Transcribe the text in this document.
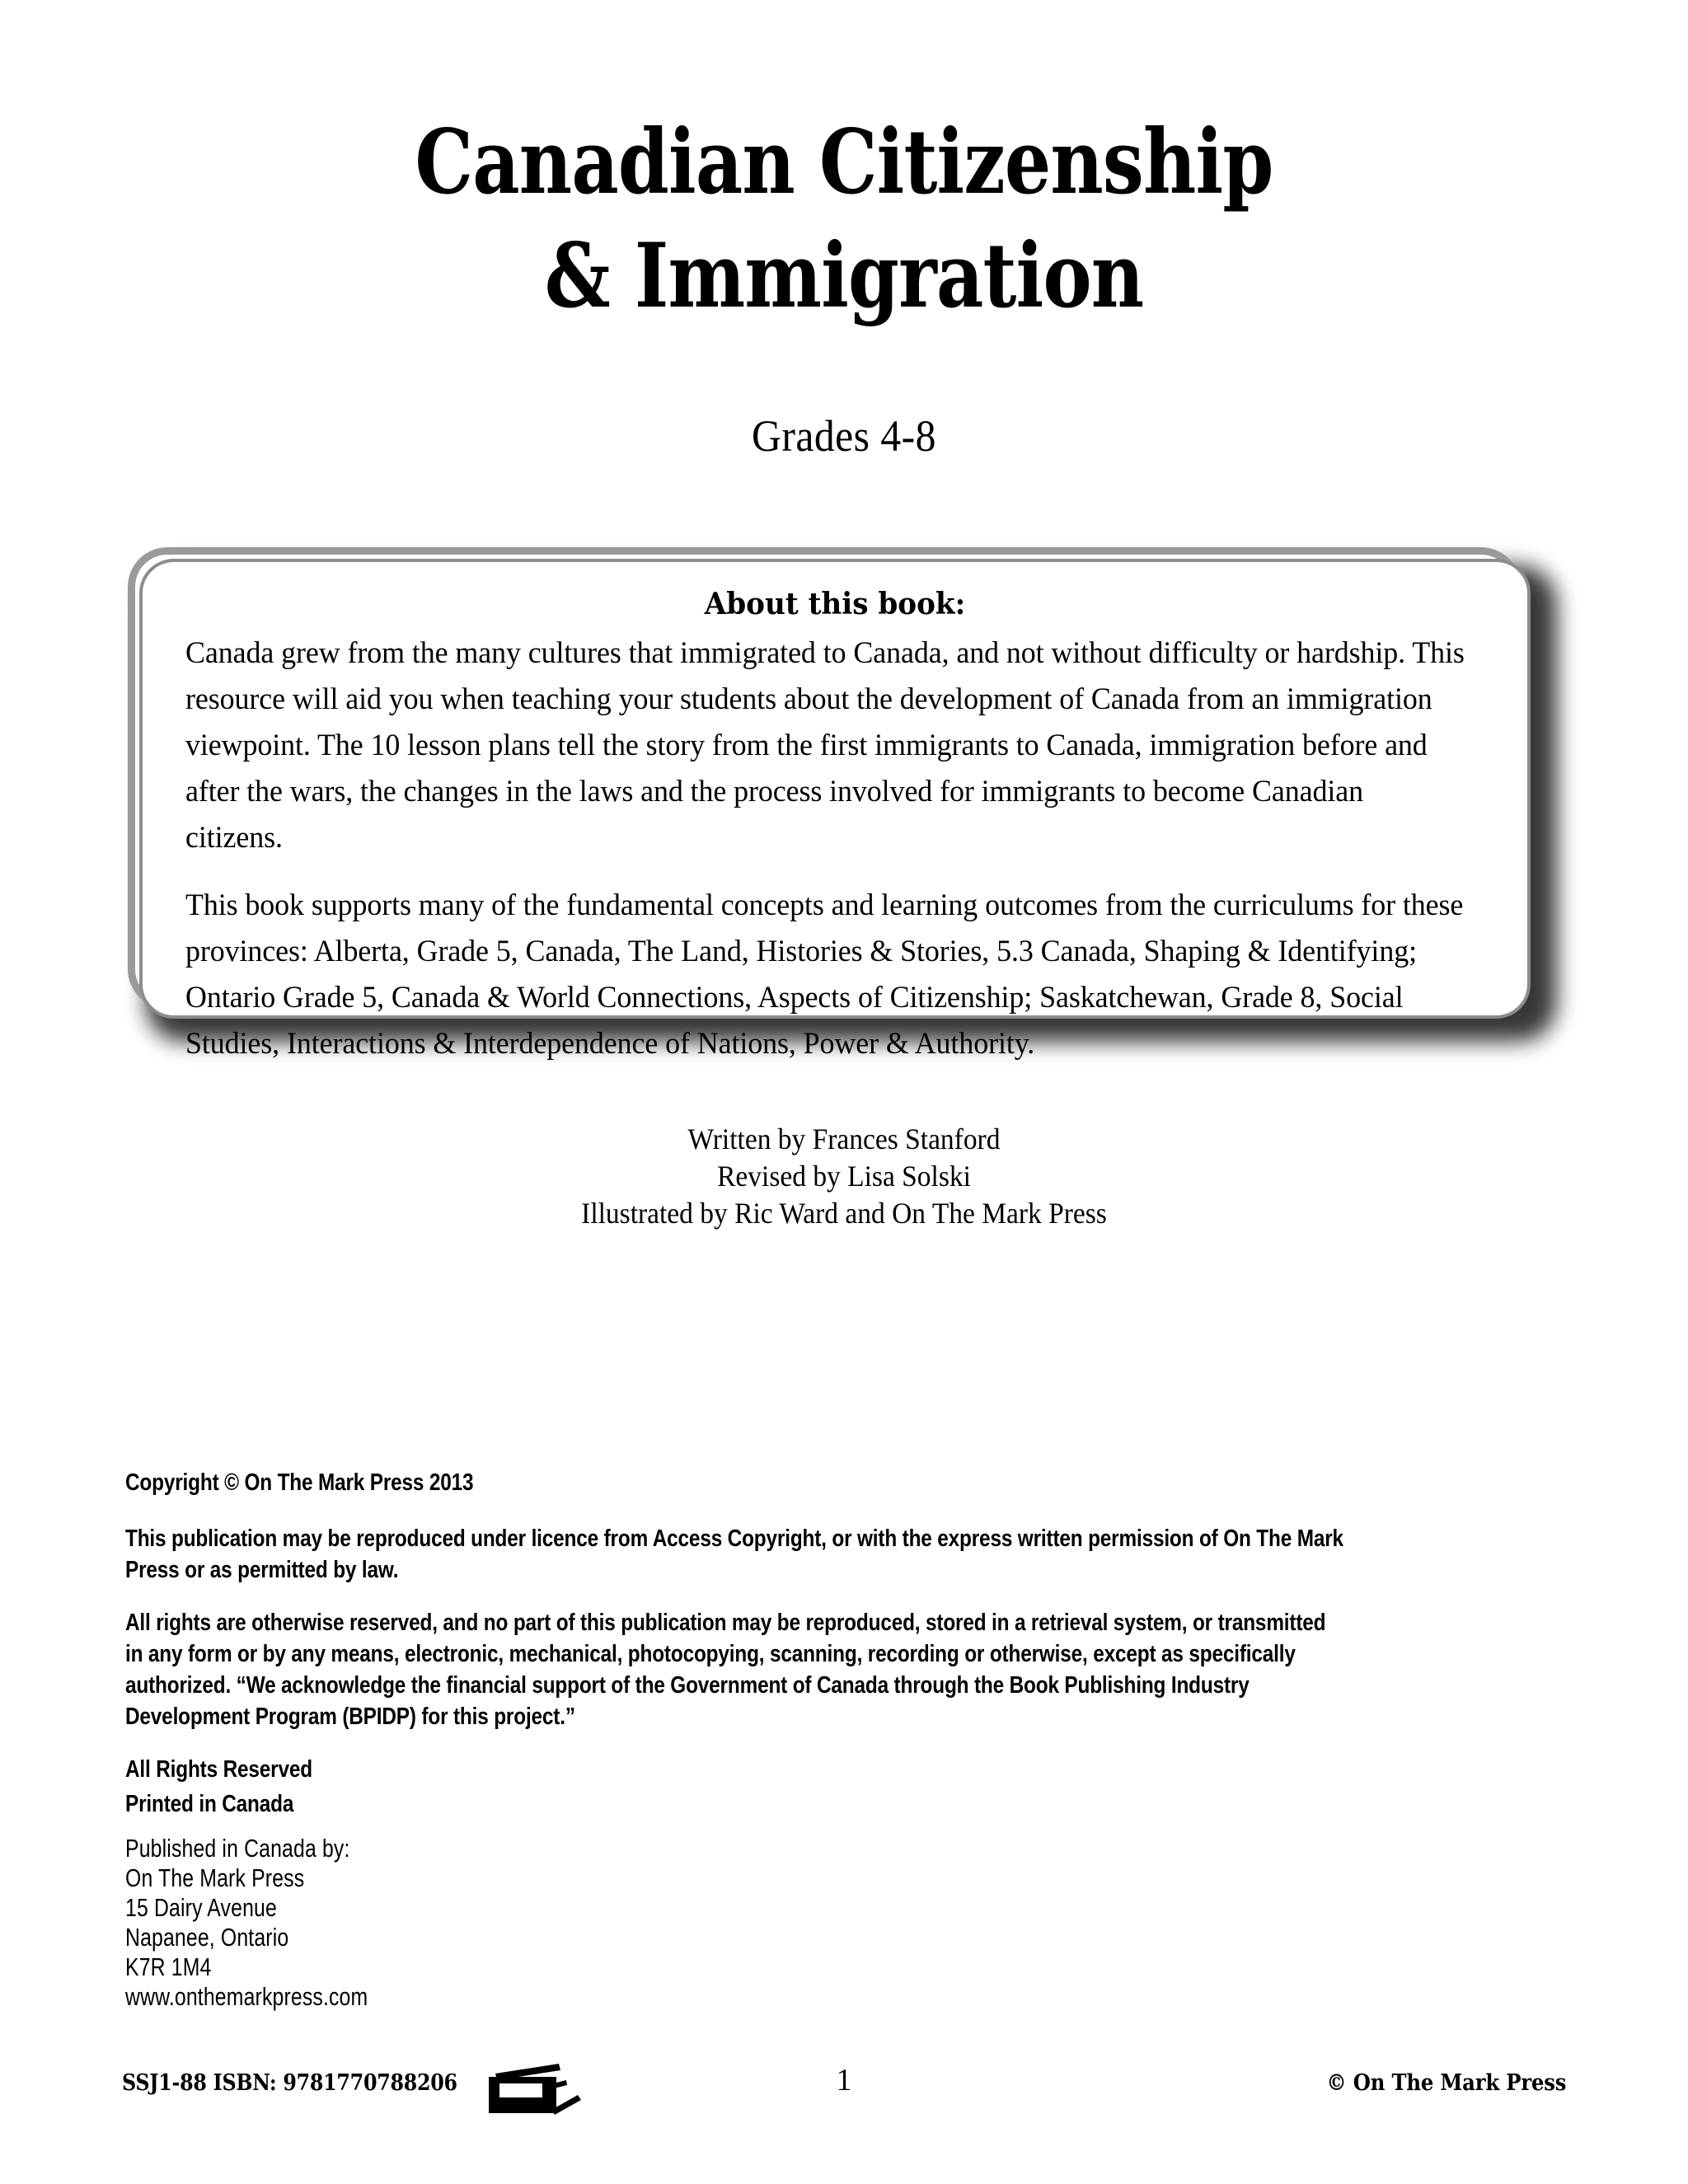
Canadian Citizenship
& Immigration
Grades 4-8
About this book:

Canada grew from the many cultures that immigrated to Canada, and not without difficulty or hardship. This resource will aid you when teaching your students about the development of Canada from an immigration viewpoint. The 10 lesson plans tell the story from the first immigrants to Canada, immigration before and after the wars, the changes in the laws and the process involved for immigrants to become Canadian citizens.

This book supports many of the fundamental concepts and learning outcomes from the curriculums for these provinces: Alberta, Grade 5, Canada, The Land, Histories & Stories, 5.3 Canada, Shaping & Identifying; Ontario Grade 5, Canada & World Connections, Aspects of Citizenship; Saskatchewan, Grade 8, Social Studies, Interactions & Interdependence of Nations, Power & Authority.

Written by Frances Stanford
Revised by Lisa Solski
Illustrated by Ric Ward and On The Mark Press

Copyright © On The Mark Press 2013

This publication may be reproduced under licence from Access Copyright, or with the express written permission of On The Mark Press or as permitted by law.

All rights are otherwise reserved, and no part of this publication may be reproduced, stored in a retrieval system, or transmitted in any form or by any means, electronic, mechanical, photocopying, scanning, recording or otherwise, except as specifically authorized. “We acknowledge the financial support of the Government of Canada through the Book Publishing Industry Development Program (BPIDP) for this project.”

All Rights Reserved

Printed in Canada

Published in Canada by:
On The Mark Press
15 Dairy Avenue
Napanee, Ontario
K7R 1M4
www.onthemarkpress.com
SSJ1-88 ISBN: 9781770788206	1	© On The Mark Press
